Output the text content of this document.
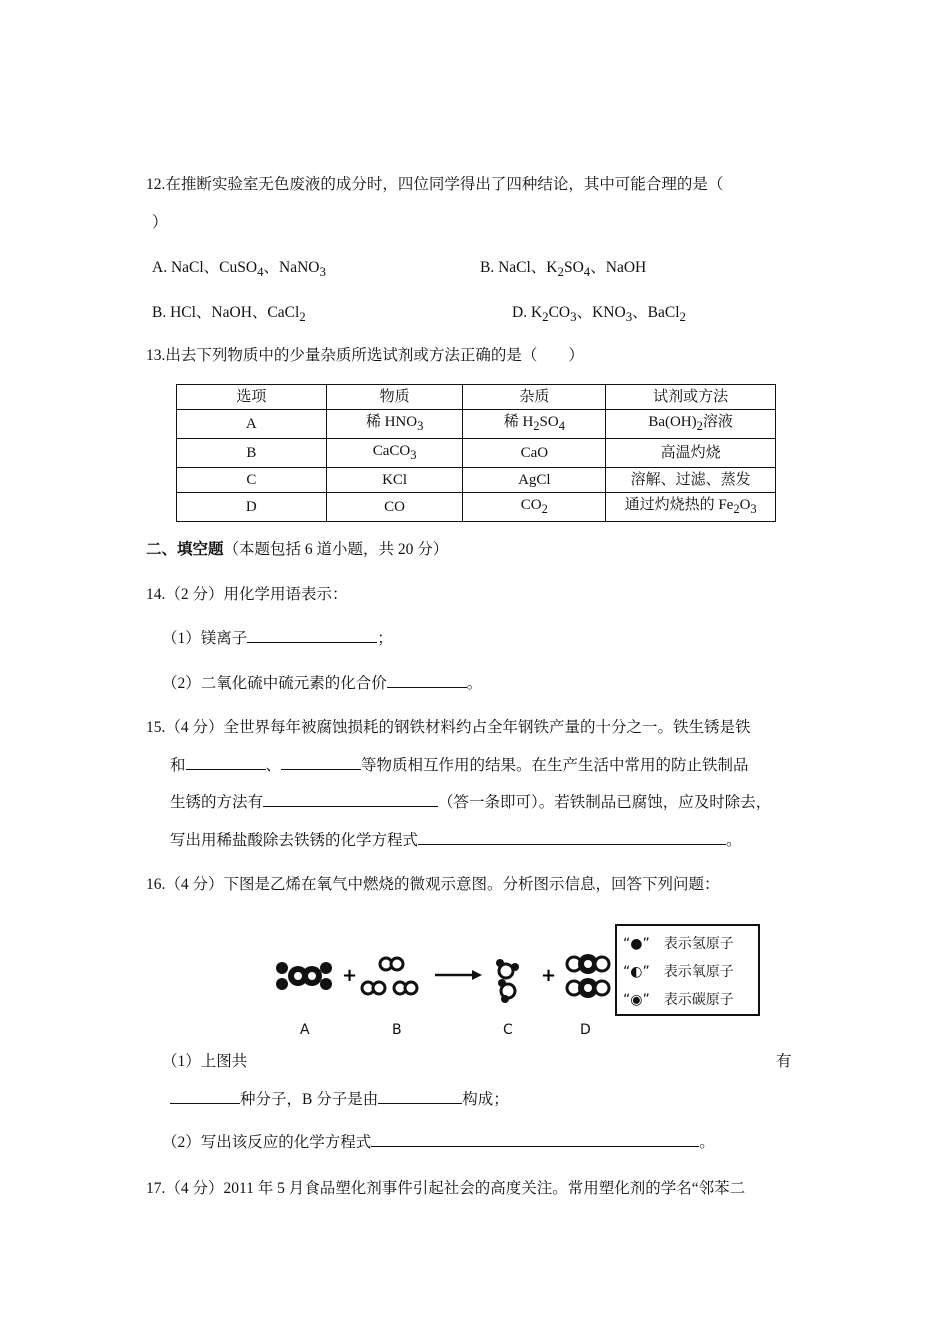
12.在推断实验室无色废液的成分时，四位同学得出了四种结论，其中可能合理的是（
）
A. NaCl、CuSO$_4$、NaNO$_3$	B. NaCl、$K_2SO_4$、NaOH
B. HCl、NaOH、CaCl$_2$	D. $K_2CO_3$、$KNO_3$、BaCl$_2$
13.出去下列物质中的少量杂质所选试剂或方法正确的是（　　）
选项	物质	杂质	试剂或方法
A	稀 $HNO_3$	稀 $H_2SO_4$	$Ba(OH)_2$溶液
B	CaCO$_3$	CaO	高温灼烧
C	KCl	AgCl	溶解、过滤、蒸发
D	CO	$CO_2$	通过灼烧热的 $Fe_2O_3$
二、填空题（本题包括 6 道小题，共 20 分）
14.（2 分）用化学用语表示：
（1）镁离子	；
（2）二氧化硫中硫元素的化合价	。
15.（4 分）全世界每年被腐蚀损耗的钢铁材料约占全年钢铁产量的十分之一。铁生锈是铁
和	、	等物质相互作用的结果。在生产生活中常用的防止铁制品
生锈的方法有	（答一条即可）。若铁制品已腐蚀，应及时除去，
写出用稀盐酸除去铁锈的化学方程式	。
16.（4 分）下图是乙烯在氧气中燃烧的微观示意图。分析图示信息，回答下列问题：
+	+
“●”　表示氢原子
“◐”　表示氧原子
“◉”　表示碳原子
A	B	C	D
（1）上图共	有
种分子，B 分子是由	构成；
（2）写出该反应的化学方程式	。
17.（4 分）2011 年 5 月食品塑化剂事件引起社会的高度关注。常用塑化剂的学名“邻苯二
